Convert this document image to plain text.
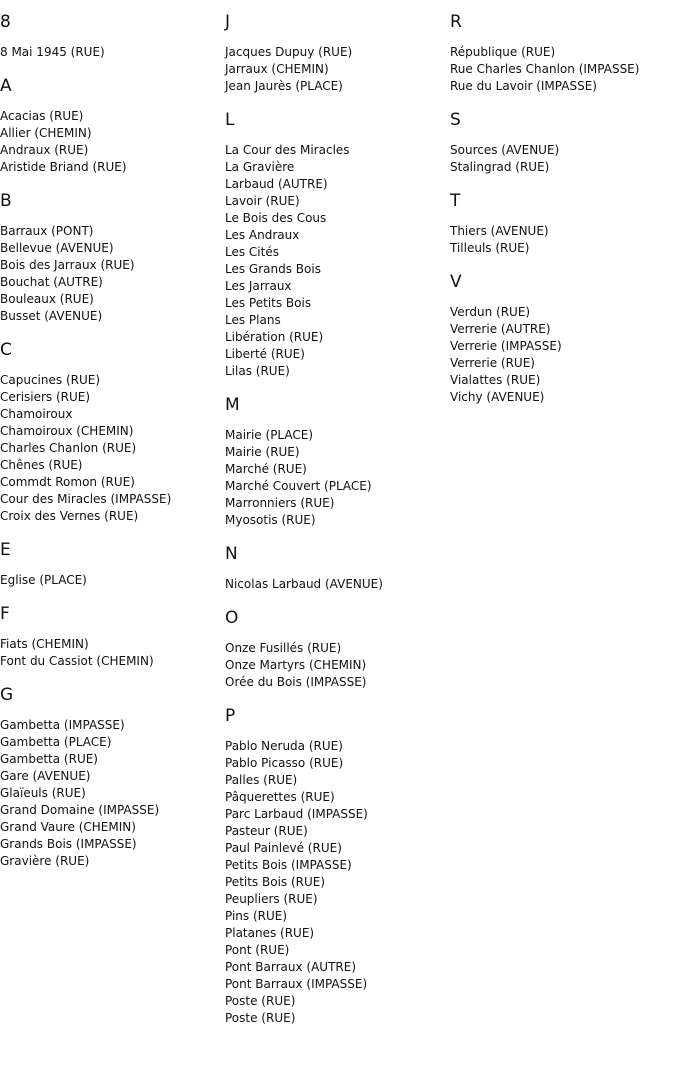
8
8 Mai 1945 (RUE)
A
Acacias (RUE)
Allier (CHEMIN)
Andraux (RUE)
Aristide Briand (RUE)
B
Barraux (PONT)
Bellevue (AVENUE)
Bois des Jarraux (RUE)
Bouchat (AUTRE)
Bouleaux (RUE)
Busset (AVENUE)
C
Capucines (RUE)
Cerisiers (RUE)
Chamoiroux
Chamoiroux (CHEMIN)
Charles Chanlon (RUE)
Chênes (RUE)
Commdt Romon (RUE)
Cour des Miracles (IMPASSE)
Croix des Vernes (RUE)
E
Eglise (PLACE)
F
Fiats (CHEMIN)
Font du Cassiot (CHEMIN)
G
Gambetta (IMPASSE)
Gambetta (PLACE)
Gambetta (RUE)
Gare (AVENUE)
Glaïeuls (RUE)
Grand Domaine (IMPASSE)
Grand Vaure (CHEMIN)
Grands Bois (IMPASSE)
Gravière (RUE)
J
Jacques Dupuy (RUE)
Jarraux (CHEMIN)
Jean Jaurès (PLACE)
L
La Cour des Miracles
La Gravière
Larbaud (AUTRE)
Lavoir (RUE)
Le Bois des Cous
Les Andraux
Les Cités
Les Grands Bois
Les Jarraux
Les Petits Bois
Les Plans
Libération (RUE)
Liberté (RUE)
Lilas (RUE)
M
Mairie (PLACE)
Mairie (RUE)
Marché (RUE)
Marché Couvert (PLACE)
Marronniers (RUE)
Myosotis (RUE)
N
Nicolas Larbaud (AVENUE)
O
Onze Fusillés (RUE)
Onze Martyrs (CHEMIN)
Orée du Bois (IMPASSE)
P
Pablo Neruda (RUE)
Pablo Picasso (RUE)
Palles (RUE)
Pâquerettes (RUE)
Parc Larbaud (IMPASSE)
Pasteur (RUE)
Paul Painlevé (RUE)
Petits Bois (IMPASSE)
Petits Bois (RUE)
Peupliers (RUE)
Pins (RUE)
Platanes (RUE)
Pont (RUE)
Pont Barraux (AUTRE)
Pont Barraux (IMPASSE)
Poste (RUE)
Poste (RUE)
R
République (RUE)
Rue Charles Chanlon (IMPASSE)
Rue du Lavoir (IMPASSE)
S
Sources (AVENUE)
Stalingrad (RUE)
T
Thiers (AVENUE)
Tilleuls (RUE)
V
Verdun (RUE)
Verrerie (AUTRE)
Verrerie (IMPASSE)
Verrerie (RUE)
Vialattes (RUE)
Vichy (AVENUE)
